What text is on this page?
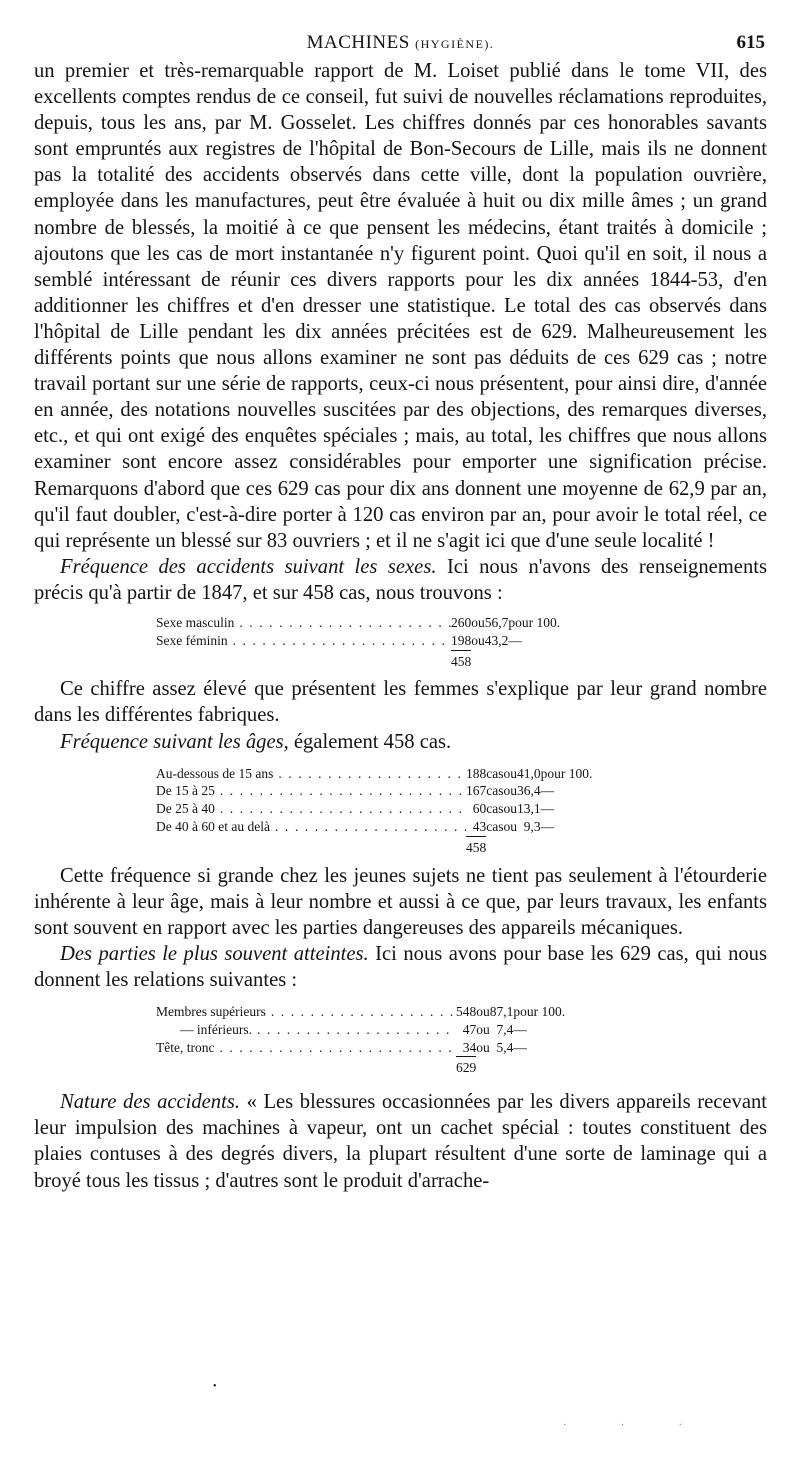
MACHINES (HYGIÈNE).	615

un premier et très-remarquable rapport de M. Loiset publié dans le tome VII, des excellents comptes rendus de ce conseil, fut suivi de nouvelles réclamations reproduites, depuis, tous les ans, par M. Gosselet. Les chiffres donnés par ces honorables savants sont empruntés aux registres de l'hôpital de Bon-Secours de Lille, mais ils ne donnent pas la totalité des accidents observés dans cette ville, dont la population ouvrière, employée dans les manufactures, peut être évaluée à huit ou dix mille âmes ; un grand nombre de blessés, la moitié à ce que pensent les médecins, étant traités à domicile ; ajoutons que les cas de mort instantanée n'y figurent point. Quoi qu'il en soit, il nous a semblé intéressant de réunir ces divers rapports pour les dix années 1844-53, d'en additionner les chiffres et d'en dresser une statistique. Le total des cas observés dans l'hôpital de Lille pendant les dix années précitées est de 629. Malheureusement les différents points que nous allons examiner ne sont pas déduits de ces 629 cas ; notre travail portant sur une série de rapports, ceux-ci nous présentent, pour ainsi dire, d'année en année, des notations nouvelles suscitées par des objections, des remarques diverses, etc., et qui ont exigé des enquêtes spéciales ; mais, au total, les chiffres que nous allons examiner sont encore assez considérables pour emporter une signification précise. Remarquons d'abord que ces 629 cas pour dix ans donnent une moyenne de 62,9 par an, qu'il faut doubler, c'est-à-dire porter à 120 cas environ par an, pour avoir le total réel, ce qui représente un blessé sur 83 ouvriers ; et il ne s'agit ici que d'une seule localité !

Fréquence des accidents suivant les sexes. Ici nous n'avons des renseignements précis qu'à partir de 1847, et sur 458 cas, nous trouvons :

Sexe masculin . . .	260	ou	56,7	pour 100.
Sexe féminin . . .	198	ou	43,2	—
	458			

Ce chiffre assez élevé que présentent les femmes s'explique par leur grand nombre dans les différentes fabriques.

Fréquence suivant les âges, également 458 cas.

Au-dessous de 15 ans . . .	188	cas	ou	41,0	pour 100.
De 15 à 25 . . .	167	cas	ou	36,4	—
De 25 à 40 . . .	60	cas	ou	13,1	—
De 40 à 60 et au delà . . .	43	cas	ou	9,3	—
	458				

Cette fréquence si grande chez les jeunes sujets ne tient pas seulement à l'étourderie inhérente à leur âge, mais à leur nombre et aussi à ce que, par leurs travaux, les enfants sont souvent en rapport avec les parties dangereuses des appareils mécaniques.

Des parties le plus souvent atteintes. Ici nous avons pour base les 629 cas, qui nous donnent les relations suivantes :

Membres supérieurs . . .	548	ou	87,1	pour 100.
— inférieurs. . . .	47	ou	7,4	—
Tête, tronc . . .	34	ou	5,4	—
	629			

Nature des accidents. « Les blessures occasionnées par les divers appareils recevant leur impulsion des machines à vapeur, ont un cachet spécial : toutes constituent des plaies contuses à des degrés divers, la plupart résultent d'une sorte de laminage qui a broyé tous les tissus ; d'autres sont le produit d'arrache-

•
· · ·
